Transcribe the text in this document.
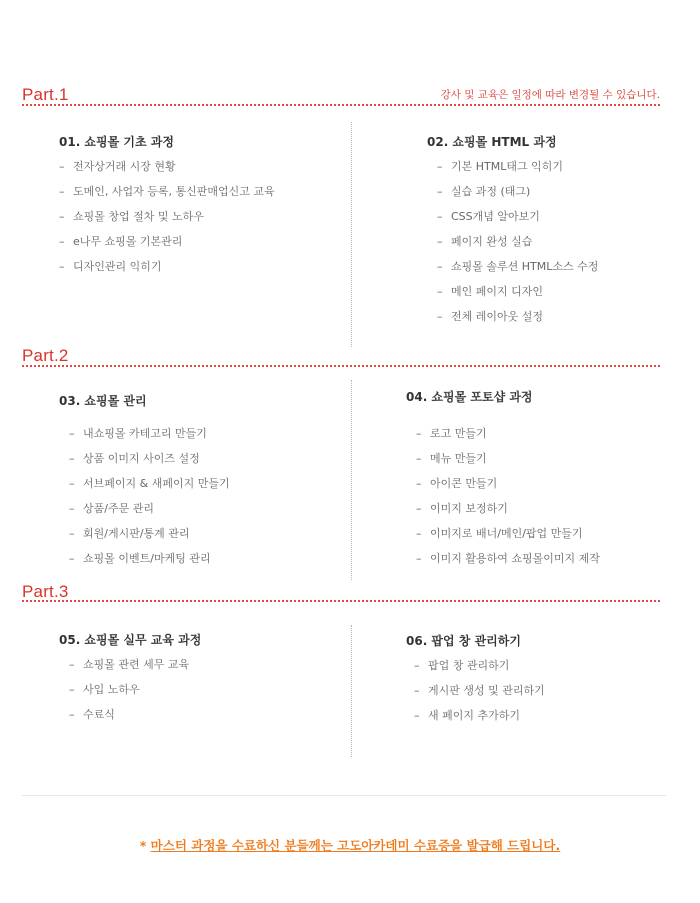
Part.1	강사 및 교육은 일정에 따라 변경될 수 있습니다.
01. 쇼핑몰 기초 과정
– 전자상거래 시장 현황
– 도메인, 사업자 등록, 통신판매업신고 교육
– 쇼핑몰 창업 절차 및 노하우
– e나무 쇼핑몰 기본관리
– 디자인관리 익히기
02. 쇼핑몰 HTML 과정
– 기본 HTML태그 익히기
– 실습 과정 (태그)
– CSS개념 알아보기
– 페이지 완성 실습
– 쇼핑몰 솔루션 HTML소스 수정
– 메인 페이지 디자인
– 전체 레이아웃 설정
Part.2
03. 쇼핑몰 관리
– 내쇼핑몰 카테고리 만들기
– 상품 이미지 사이즈 설정
– 서브페이지 & 새페이지 만들기
– 상품/주문 관리
– 회원/게시판/통계 관리
– 쇼핑몰 이벤트/마케팅 관리
04. 쇼핑몰 포토샵 과정
– 로고 만들기
– 메뉴 만들기
– 아이콘 만들기
– 이미지 보정하기
– 이미지로 배너/메인/팝업 만들기
– 이미지 활용하여 쇼핑몰이미지 제작
Part.3
05. 쇼핑몰 실무 교육 과정
– 쇼핑몰 관련 세무 교육
– 사입 노하우
– 수료식
06. 팝업 창 관리하기
– 팝업 창 관리하기
– 게시판 생성 및 관리하기
– 새 페이지 추가하기
* 마스터 과정을 수료하신 분들께는 고도아카데미 수료증을 발급해 드립니다.
